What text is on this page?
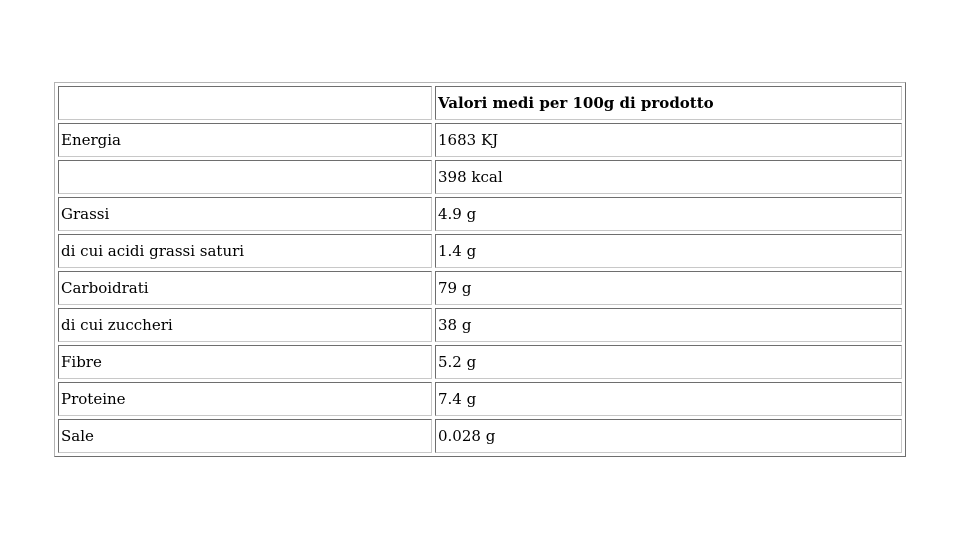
	Valori medi per 100g di prodotto
Energia	1683 KJ
	398 kcal
Grassi	4.9 g
di cui acidi grassi saturi	1.4 g
Carboidrati	79 g
di cui zuccheri	38 g
Fibre	5.2 g
Proteine	7.4 g
Sale	0.028 g
